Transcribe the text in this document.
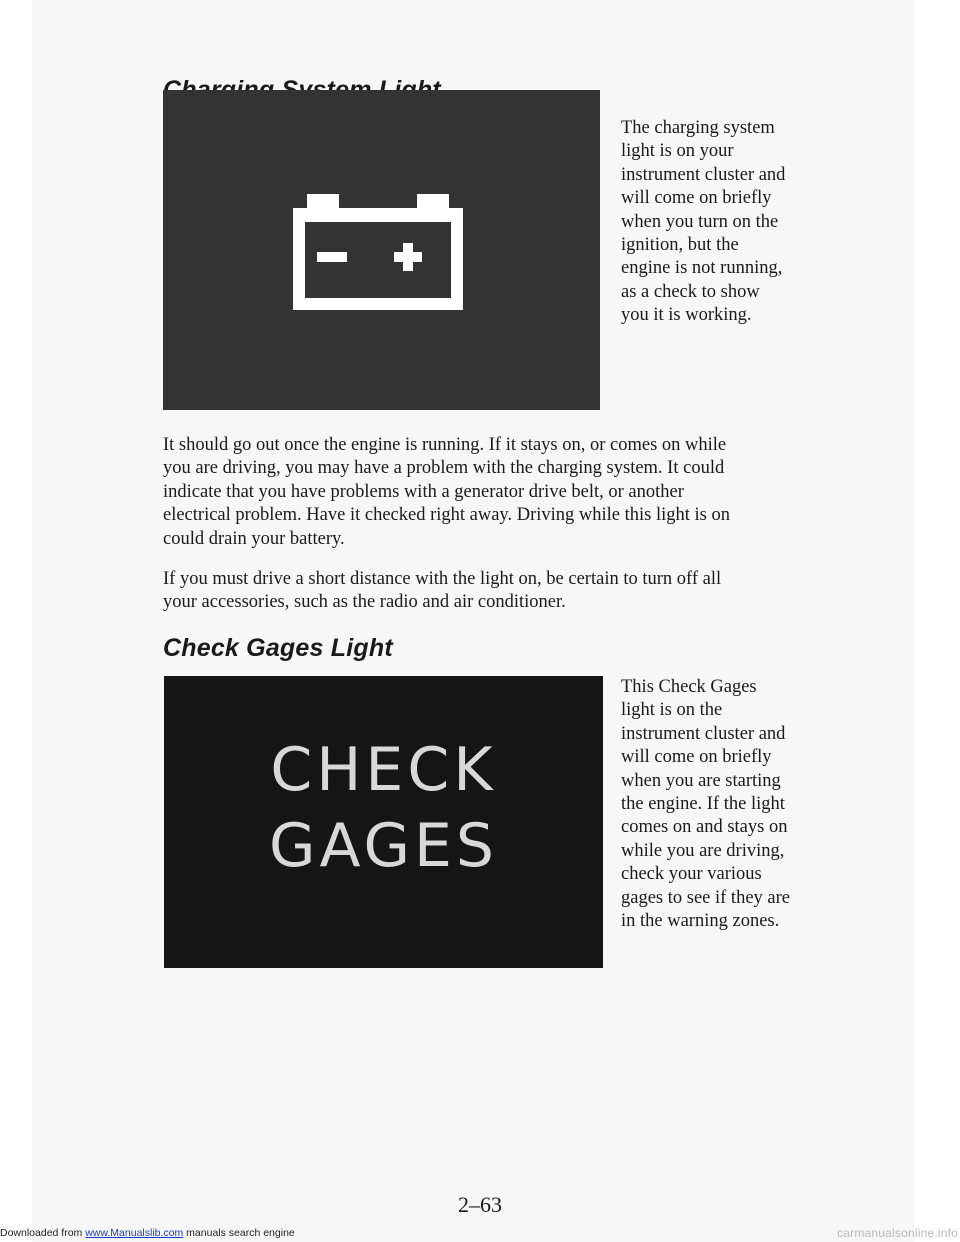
The charging system
light is on your
instrument cluster and
will come on briefly
when you turn on the
ignition, but the
engine is not running,
as a check to show
you it is working.
It should go out once the engine is running. If it stays on, or comes on while
you are driving, you may have a problem with the charging system. It could
indicate that you have problems with a generator drive belt, or another
electrical problem. Have it checked right away. Driving while this light is on
could drain your battery.
If you must drive a short distance with the light on, be certain to turn off all
your accessories, such as the radio and air conditioner.
Check Gages Light
CHECK
GAGES
This Check Gages
light is on the
instrument cluster and
will come on briefly
when you are starting
the engine. If the light
comes on and stays on
while you are driving,
check your various
gages to see if they are
in the warning zones.
2–63
Downloaded from www.Manualslib.com manuals search engine	carmanualsonline.info
